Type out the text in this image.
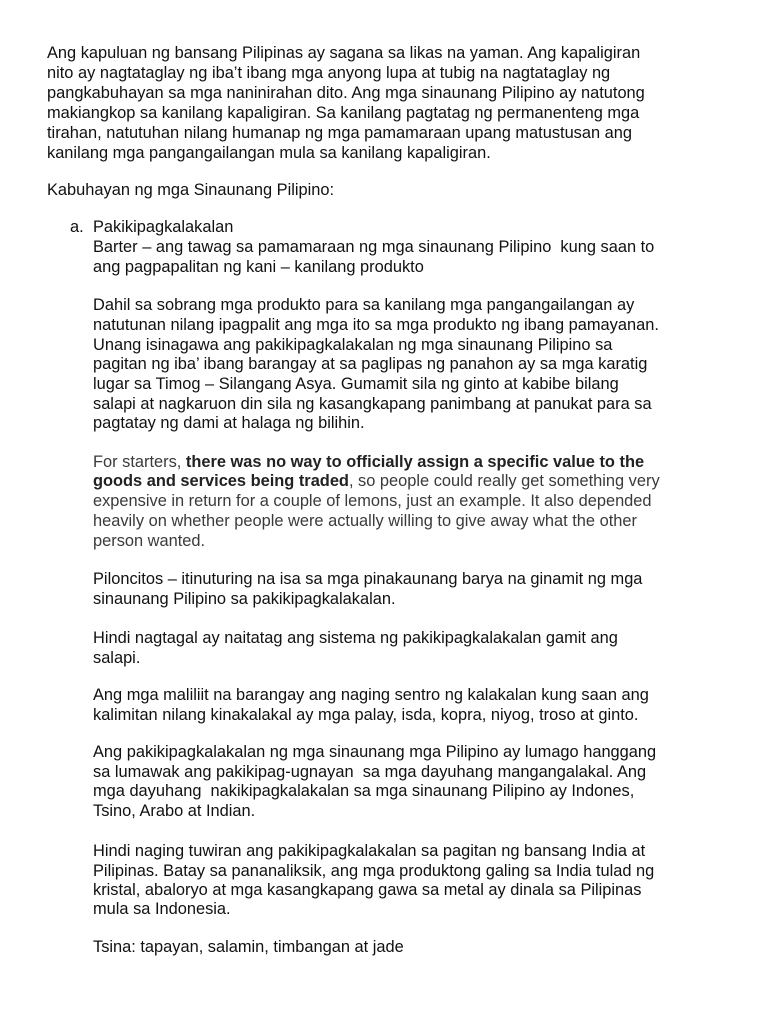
Ang kapuluan ng bansang Pilipinas ay sagana sa likas na yaman. Ang kapaligiran
nito ay nagtataglay ng iba’t ibang mga anyong lupa at tubig na nagtataglay ng
pangkabuhayan sa mga naninirahan dito. Ang mga sinaunang Pilipino ay natutong
makiangkop sa kanilang kapaligiran. Sa kanilang pagtatag ng permanenteng mga
tirahan, natutuhan nilang humanap ng mga pamamaraan upang matustusan ang
kanilang mga pangangailangan mula sa kanilang kapaligiran.
Kabuhayan ng mga Sinaunang Pilipino:
a. Pakikipagkalakalan
Barter – ang tawag sa pamamaraan ng mga sinaunang Pilipino  kung saan to
ang pagpapalitan ng kani – kanilang produkto
Dahil sa sobrang mga produkto para sa kanilang mga pangangailangan ay
natutunan nilang ipagpalit ang mga ito sa mga produkto ng ibang pamayanan.
Unang isinagawa ang pakikipagkalakalan ng mga sinaunang Pilipino sa
pagitan ng iba’ ibang barangay at sa paglipas ng panahon ay sa mga karatig
lugar sa Timog – Silangang Asya. Gumamit sila ng ginto at kabibe bilang
salapi at nagkaruon din sila ng kasangkapang panimbang at panukat para sa
pagtatay ng dami at halaga ng bilihin.
For starters, there was no way to officially assign a specific value to the
goods and services being traded, so people could really get something very
expensive in return for a couple of lemons, just an example. It also depended
heavily on whether people were actually willing to give away what the other
person wanted.
Piloncitos – itinuturing na isa sa mga pinakaunang barya na ginamit ng mga
sinaunang Pilipino sa pakikipagkalakalan.
Hindi nagtagal ay naitatag ang sistema ng pakikipagkalakalan gamit ang
salapi.
Ang mga maliliit na barangay ang naging sentro ng kalakalan kung saan ang
kalimitan nilang kinakalakal ay mga palay, isda, kopra, niyog, troso at ginto.
Ang pakikipagkalakalan ng mga sinaunang mga Pilipino ay lumago hanggang
sa lumawak ang pakikipag-ugnayan  sa mga dayuhang mangangalakal. Ang
mga dayuhang  nakikipagkalakalan sa mga sinaunang Pilipino ay Indones,
Tsino, Arabo at Indian.
Hindi naging tuwiran ang pakikipagkalakalan sa pagitan ng bansang India at
Pilipinas. Batay sa pananaliksik, ang mga produktong galing sa India tulad ng
kristal, abaloryo at mga kasangkapang gawa sa metal ay dinala sa Pilipinas
mula sa Indonesia.
Tsina: tapayan, salamin, timbangan at jade
